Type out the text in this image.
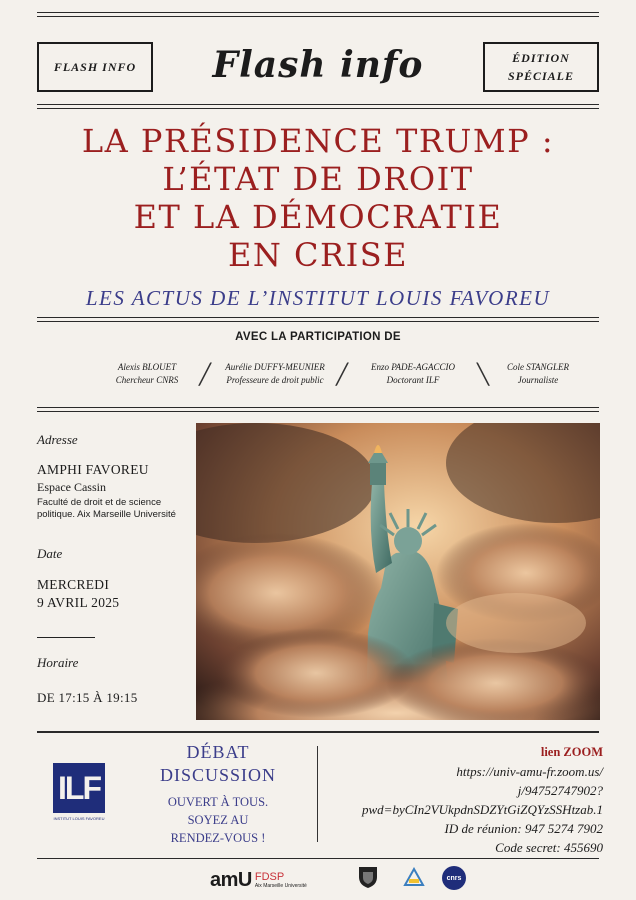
FLASH INFO	Flash info	ÉDITION
SPÉCIALE
LA PRÉSIDENCE TRUMP :
L’ÉTAT DE DROIT
ET LA DÉMOCRATIE
EN CRISE
LES ACTUS DE L’INSTITUT LOUIS FAVOREU
AVEC LA PARTICIPATION DE
Alexis BLOUET
Chercheur CNRS	╱	Aurélie DUFFY-MEUNIER
Professeure de droit public ╱	Enzo PADE-AGACCIO
Doctorant ILF	╲	Cole STANGLER
Journaliste
Adresse
AMPHI FAVOREU
Espace Cassin
Faculté de droit et de science politique. Aix Marseille Université
Date
MERCREDI
9 AVRIL 2025
Horaire
DE 17:15 À 19:15
ILF
INSTITUT LOUIS FAVOREU
DÉBAT
DISCUSSION
OUVERT À TOUS.
SOYEZ AU
RENDEZ-VOUS !
lien ZOOM
https://univ-amu-fr.zoom.us/
j/94752747902?
pwd=byCIn2VUkpdnSDZYtGiZQYzSSHtzab.1
ID de réunion: 947 5274 7902
Code secret: 455690
amU FDSP
Aix Marseille Université
cnrs
